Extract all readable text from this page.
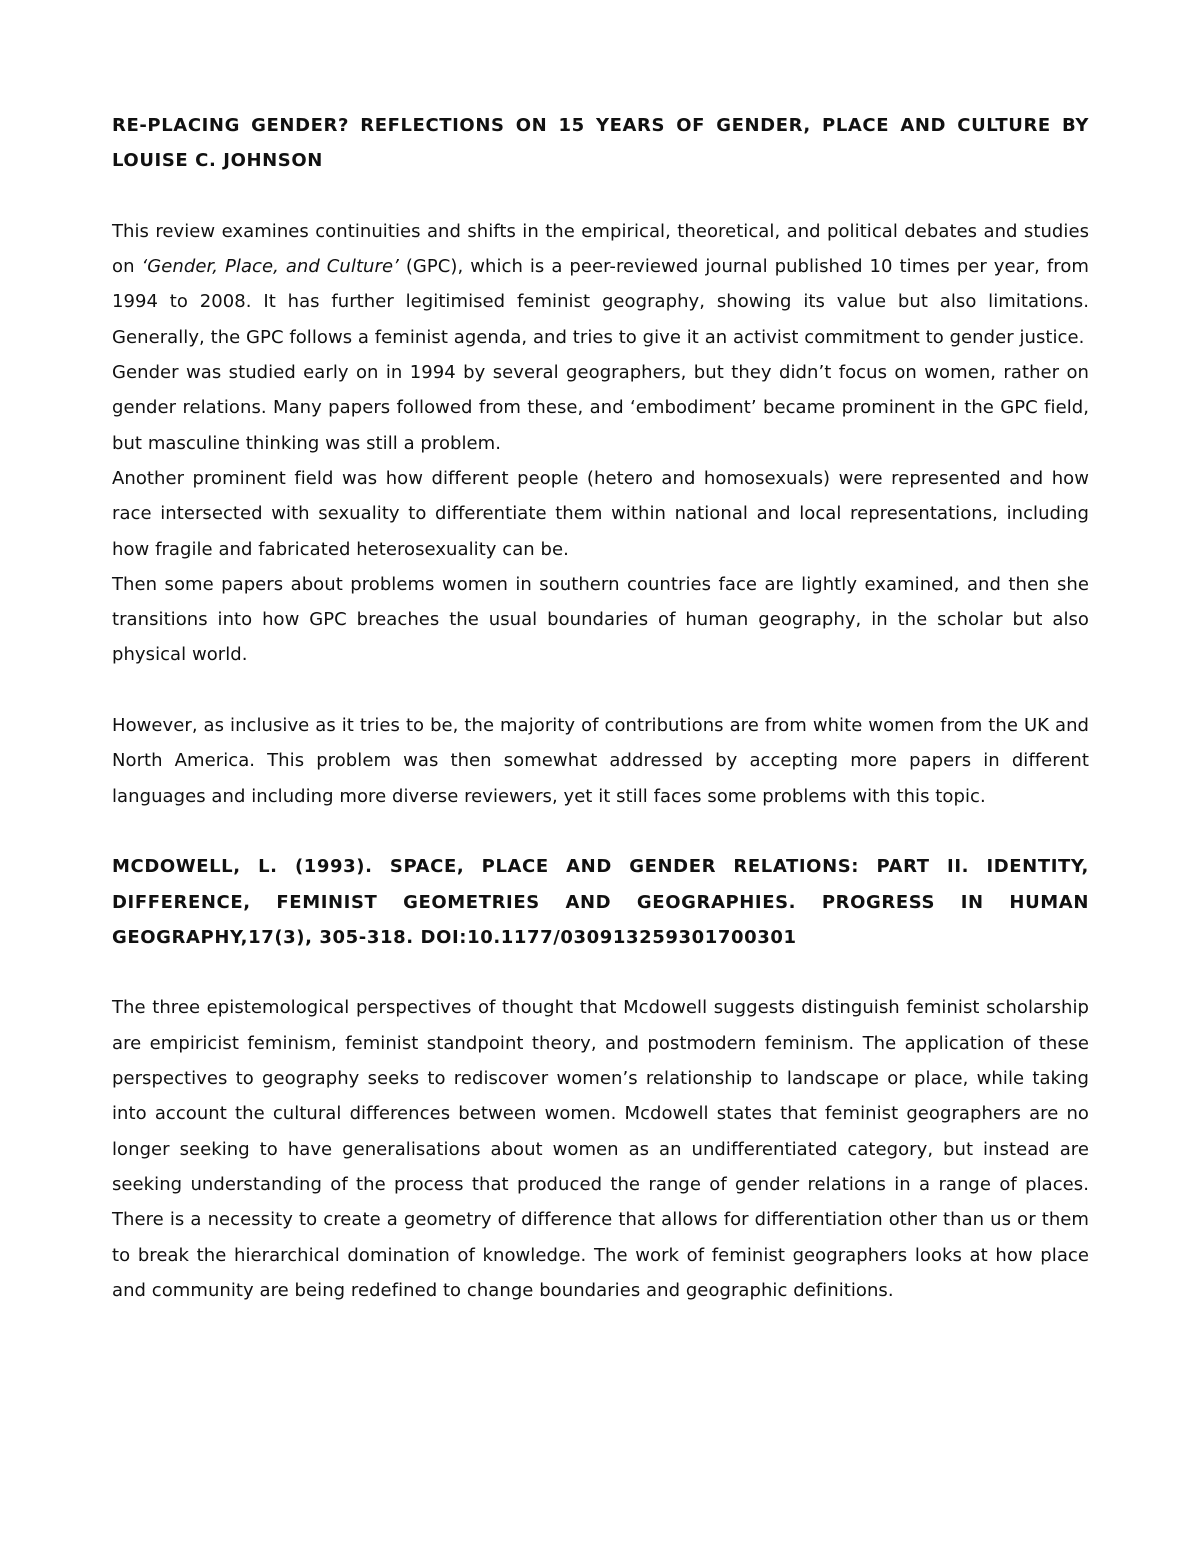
RE-PLACING GENDER? REFLECTIONS ON 15 YEARS OF GENDER, PLACE AND CULTURE BY LOUISE C. JOHNSON

This review examines continuities and shifts in the empirical, theoretical, and political debates and studies on ‘Gender, Place, and Culture’ (GPC), which is a peer-reviewed journal published 10 times per year, from 1994 to 2008. It has further legitimised feminist geography, showing its value but also limitations. Generally, the GPC follows a feminist agenda, and tries to give it an activist commitment to gender justice.

Gender was studied early on in 1994 by several geographers, but they didn’t focus on women, rather on gender relations. Many papers followed from these, and ‘embodiment’ became prominent in the GPC field, but masculine thinking was still a problem.

Another prominent field was how different people (hetero and homosexuals) were represented and how race intersected with sexuality to differentiate them within national and local representations, including how fragile and fabricated heterosexuality can be.

Then some papers about problems women in southern countries face are lightly examined, and then she transitions into how GPC breaches the usual boundaries of human geography, in the scholar but also physical world.

However, as inclusive as it tries to be, the majority of contributions are from white women from the UK and North America. This problem was then somewhat addressed by accepting more papers in different languages and including more diverse reviewers, yet it still faces some problems with this topic.

MCDOWELL, L. (1993). SPACE, PLACE AND GENDER RELATIONS: PART II. IDENTITY, DIFFERENCE, FEMINIST GEOMETRIES AND GEOGRAPHIES. PROGRESS IN HUMAN GEOGRAPHY,17(3), 305-318. DOI:10.1177/030913259301700301

The three epistemological perspectives of thought that Mcdowell suggests distinguish feminist scholarship are empiricist feminism, feminist standpoint theory, and postmodern feminism. The application of these perspectives to geography seeks to rediscover women’s relationship to landscape or place, while taking into account the cultural differences between women. Mcdowell states that feminist geographers are no longer seeking to have generalisations about women as an undifferentiated category, but instead are seeking understanding of the process that produced the range of gender relations in a range of places. There is a necessity to create a geometry of difference that allows for differentiation other than us or them to break the hierarchical domination of knowledge. The work of feminist geographers looks at how place and community are being redefined to change boundaries and geographic definitions.
